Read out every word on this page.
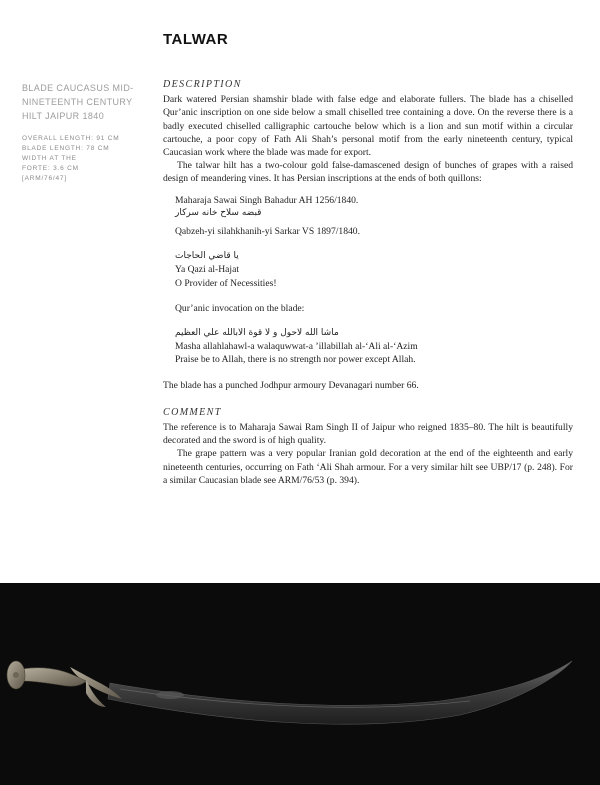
TALWAR
BLADE CAUCASUS MID-NINETEENTH CENTURY HILT JAIPUR 1840
OVERALL LENGTH: 91 CM
BLADE LENGTH: 78 CM
WIDTH AT THE
FORTE: 3.6 CM
[ARM/76/47]
DESCRIPTION

Dark watered Persian shamshir blade with false edge and elaborate fullers. The blade has a chiselled Qur’anic inscription on one side below a small chiselled tree containing a dove. On the reverse there is a badly executed chiselled calligraphic cartouche below which is a lion and sun motif within a circular cartouche, a poor copy of Fath Ali Shah’s personal motif from the early nineteenth century, typical Caucasian work where the blade was made for export.

The talwar hilt has a two-colour gold false-damascened design of bunches of grapes with a raised design of meandering vines. It has Persian inscriptions at the ends of both quillons:

Maharaja Sawai Singh Bahadur AH 1256/1840.

قبضه سلاح خانه سرکار

Qabzeh-yi silahkhanih-yi Sarkar VS 1897/1840.

يا قاضي الحاجات

Ya Qazi al-Hajat

O Provider of Necessities!

Qur’anic invocation on the blade:

ماشا الله لاحول و لا قوة الابالله علي العظيم

Masha allahlahawl-a walaquwwat-a ’illabillah al-‘Ali al-‘Azim

Praise be to Allah, there is no strength nor power except Allah.

The blade has a punched Jodhpur armoury Devanagari number 66.

COMMENT

The reference is to Maharaja Sawai Ram Singh II of Jaipur who reigned 1835–80. The hilt is beautifully decorated and the sword is of high quality.

The grape pattern was a very popular Iranian gold decoration at the end of the eighteenth and early nineteenth centuries, occurring on Fath ‘Ali Shah armour. For a very similar hilt see UBP/17 (p. 248). For a similar Caucasian blade see ARM/76/53 (p. 394).
